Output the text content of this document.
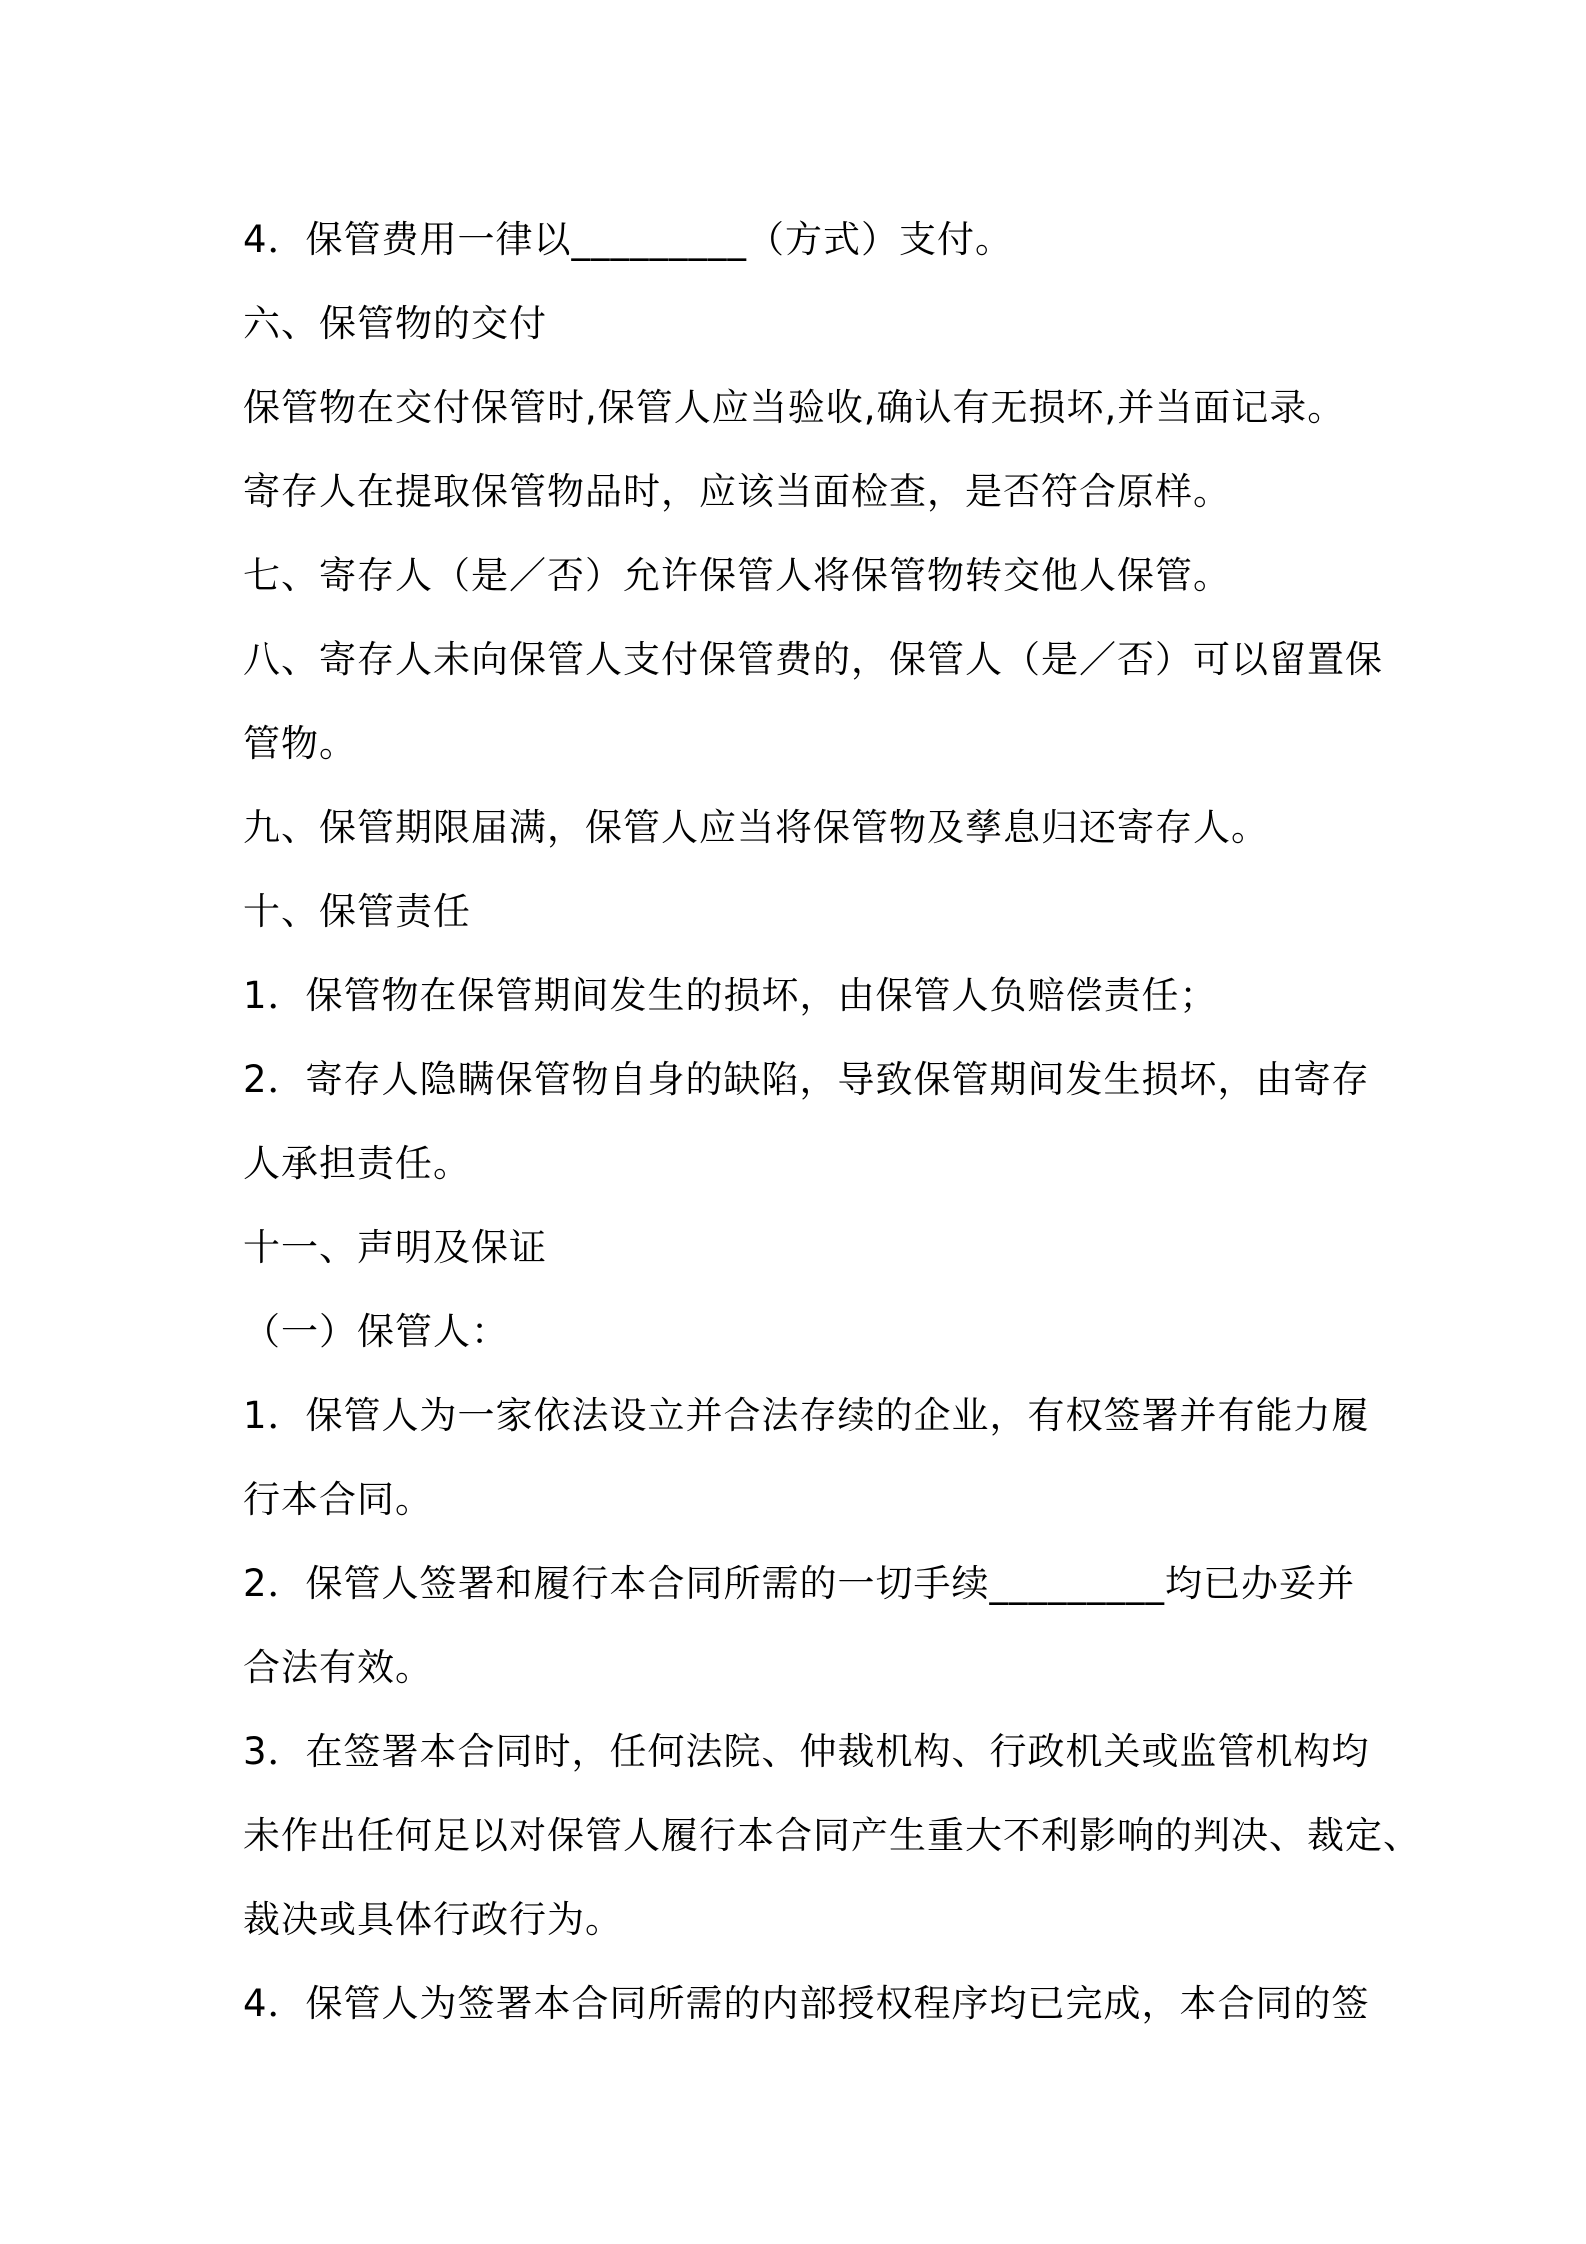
4．保管费用一律以_________（方式）支付。
六、保管物的交付
保管物在交付保管时,保管人应当验收,确认有无损坏,并当面记录。
寄存人在提取保管物品时，应该当面检查，是否符合原样。
七、寄存人（是／否）允许保管人将保管物转交他人保管。
八、寄存人未向保管人支付保管费的，保管人（是／否）可以留置保
管物。
九、保管期限届满，保管人应当将保管物及孳息归还寄存人。
十、保管责任
1．保管物在保管期间发生的损坏，由保管人负赔偿责任；
2．寄存人隐瞒保管物自身的缺陷，导致保管期间发生损坏，由寄存
人承担责任。
十一、声明及保证
（一）保管人：
1．保管人为一家依法设立并合法存续的企业，有权签署并有能力履
行本合同。
2．保管人签署和履行本合同所需的一切手续_________均已办妥并
合法有效。
3．在签署本合同时，任何法院、仲裁机构、行政机关或监管机构均
未作出任何足以对保管人履行本合同产生重大不利影响的判决、裁定、
裁决或具体行政行为。
4．保管人为签署本合同所需的内部授权程序均已完成，本合同的签
